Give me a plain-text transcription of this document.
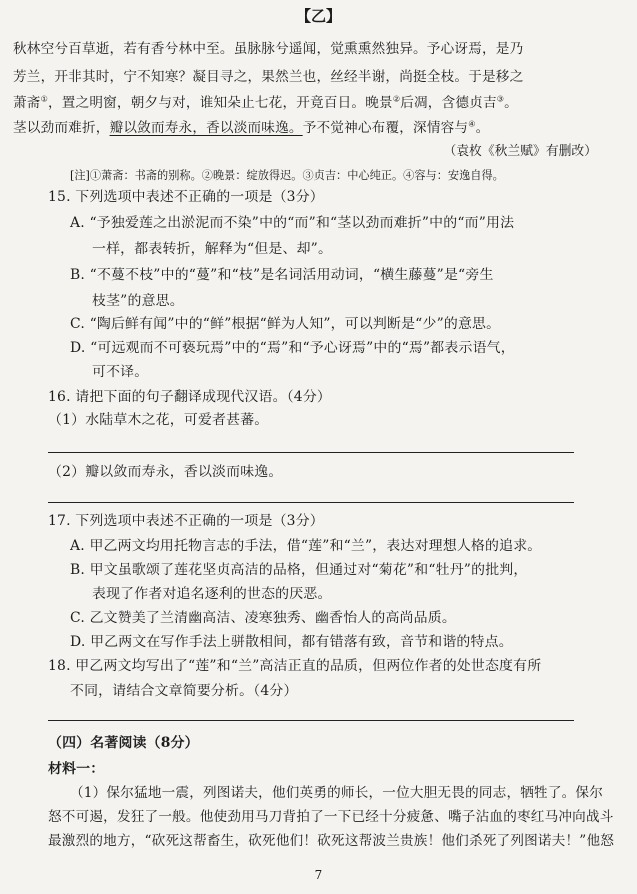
【乙】
秋林空兮百草逝，若有香兮林中至。虽脉脉兮遥闻，觉熏熏然独异。予心讶焉，是乃
芳兰，开非其时，宁不知寒？凝目寻之，果然兰也，丝经半谢，尚挺全枝。于是移之
萧斋①，置之明窗，朝夕与对，谁知朵止七花，开竟百日。晚景②后凋，含德贞吉③。
茎以劲而难折，瓣以敛而寿永，香以淡而味逸。予不觉神心布覆，深情容与④。
（袁枚《秋兰赋》有删改）
[注]①萧斋：书斋的别称。②晚景：绽放得迟。③贞吉：中心纯正。④容与：安逸自得。
15. 下列选项中表述不正确的一项是（3分）
A. “予独爱莲之出淤泥而不染”中的“而”和“茎以劲而难折”中的“而”用法
一样，都表转折，解释为“但是、却”。
B. “不蔓不枝”中的“蔓”和“枝”是名词活用动词，“横生藤蔓”是“旁生
枝茎”的意思。
C. “陶后鲜有闻”中的“鲜”根据“鲜为人知”，可以判断是“少”的意思。
D. “可远观而不可亵玩焉”中的“焉”和“予心讶焉”中的“焉”都表示语气，
可不译。
16. 请把下面的句子翻译成现代汉语。（4分）
（1）水陆草木之花，可爱者甚蕃。
（2）瓣以敛而寿永，香以淡而味逸。
17. 下列选项中表述不正确的一项是（3分）
A. 甲乙两文均用托物言志的手法，借“莲”和“兰”，表达对理想人格的追求。
B. 甲文虽歌颂了莲花坚贞高洁的品格，但通过对“菊花”和“牡丹”的批判，
表现了作者对追名逐利的世态的厌恶。
C. 乙文赞美了兰清幽高洁、凌寒独秀、幽香怡人的高尚品质。
D. 甲乙两文在写作手法上骈散相间，都有错落有致，音节和谐的特点。
18. 甲乙两文均写出了“莲”和“兰”高洁正直的品质，但两位作者的处世态度有所
不同，请结合文章简要分析。（4分）
（四）名著阅读（8分）
材料一：
（1）保尔猛地一震，列图诺夫，他们英勇的师长，一位大胆无畏的同志，牺牲了。保尔
怒不可遏，发狂了一般。他使劲用马刀背拍了一下已经十分疲惫、嘴子沾血的枣红马冲向战斗
最激烈的地方，“砍死这帮畜生，砍死他们！砍死这帮波兰贵族！他们杀死了列图诺夫！”他怒
7
